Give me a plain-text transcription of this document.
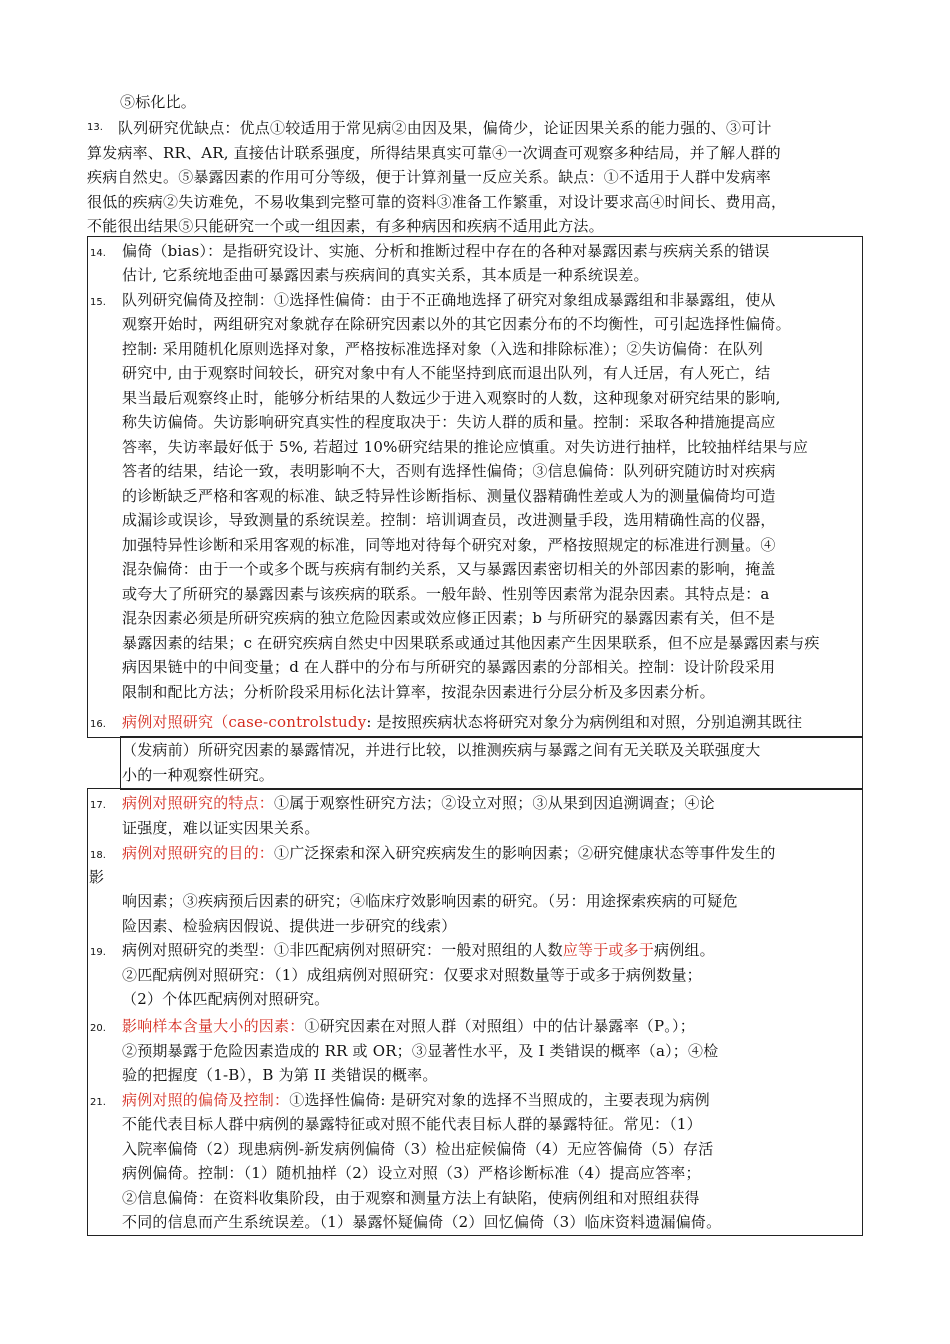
⑤标化比。
13. 队列研究优缺点：优点①较适用于常见病②由因及果，偏倚少，论证因果关系的能力强的、③可计
算发病率、RR、AR, 直接估计联系强度，所得结果真实可靠④一次调查可观察多种结局，并了解人群的
疾病自然史。⑤暴露因素的作用可分等级，便于计算剂量一反应关系。缺点：①不适用于人群中发病率
很低的疾病②失访难免，不易收集到完整可靠的资料③准备工作繁重，对设计要求高④时间长、费用高，
不能很出结果⑤只能研究一个或一组因素，有多种病因和疾病不适用此方法。
14. 偏倚（bias）：是指研究设计、实施、分析和推断过程中存在的各种对暴露因素与疾病关系的错误
估计, 它系统地歪曲可暴露因素与疾病间的真实关系，其本质是一种系统误差。
15. 队列研究偏倚及控制：①选择性偏倚：由于不正确地选择了研究对象组成暴露组和非暴露组，使从
观察开始时，两组研究对象就存在除研究因素以外的其它因素分布的不均衡性，可引起选择性偏倚。
控制: 采用随机化原则选择对象，严格按标准选择对象（入选和排除标准）；②失访偏倚：在队列
研究中, 由于观察时间较长，研究对象中有人不能坚持到底而退出队列，有人迁居，有人死亡，结
果当最后观察终止时，能够分析结果的人数远少于进入观察时的人数，这种现象对研究结果的影响,
称失访偏倚。失访影响研究真实性的程度取决于：失访人群的质和量。控制：采取各种措施提高应
答率，失访率最好低于 5%, 若超过 10%研究结果的推论应慎重。对失访进行抽样，比较抽样结果与应
答者的结果，结论一致，表明影响不大，否则有选择性偏倚；③信息偏倚：队列研究随访时对疾病
的诊断缺乏严格和客观的标准、缺乏特异性诊断指标、测量仪器精确性差或人为的测量偏倚均可造
成漏诊或误诊，导致测量的系统误差。控制：培训调查员，改进测量手段，选用精确性高的仪器，
加强特异性诊断和采用客观的标准，同等地对待每个研究对象，严格按照规定的标准进行测量。④
混杂偏倚：由于一个或多个既与疾病有制约关系，又与暴露因素密切相关的外部因素的影响，掩盖
或夸大了所研究的暴露因素与该疾病的联系。一般年龄、性别等因素常为混杂因素。其特点是：a
混杂因素必须是所研究疾病的独立危险因素或效应修正因素；b 与所研究的暴露因素有关，但不是
暴露因素的结果；c 在研究疾病自然史中因果联系或通过其他因素产生因果联系，但不应是暴露因素与疾
病因果链中的中间变量；d 在人群中的分布与所研究的暴露因素的分部相关。控制：设计阶段采用
限制和配比方法；分析阶段采用标化法计算率，按混杂因素进行分层分析及多因素分析。
16. 病例对照研究（case-controlstudy: 是按照疾病状态将研究对象分为病例组和对照，分别追溯其既往
（发病前）所研究因素的暴露情况，并进行比较，以推测疾病与暴露之间有无关联及关联强度大
小的一种观察性研究。
17. 病例对照研究的特点：①属于观察性研究方法；②设立对照；③从果到因追溯调查；④论
证强度，难以证实因果关系。
18. 病例对照研究的目的：①广泛探索和深入研究疾病发生的影响因素；②研究健康状态等事件发生的
影
响因素；③疾病预后因素的研究；④临床疗效影响因素的研究。（另：用途探索疾病的可疑危
险因素、检验病因假说、提供进一步研究的线索）
19. 病例对照研究的类型：①非匹配病例对照研究：一般对照组的人数应等于或多于病例组。
②匹配病例对照研究：（1）成组病例对照研究：仅要求对照数量等于或多于病例数量；
（2）个体匹配病例对照研究。
20. 影响样本含量大小的因素：①研究因素在对照人群（对照组）中的估计暴露率（P。）；
②预期暴露于危险因素造成的 RR 或 OR；③显著性水平，及 I 类错误的概率（a）；④检
验的把握度（1-B），B 为第 II 类错误的概率。
21. 病例对照的偏倚及控制：①选择性偏倚: 是研究对象的选择不当照成的，主要表现为病例
不能代表目标人群中病例的暴露特征或对照不能代表目标人群的暴露特征。常见：（1）
入院率偏倚（2）现患病例-新发病例偏倚（3）检出症候偏倚（4）无应答偏倚（5）存活
病例偏倚。控制：（1）随机抽样（2）设立对照（3）严格诊断标准（4）提高应答率；
②信息偏倚：在资料收集阶段，由于观察和测量方法上有缺陷，使病例组和对照组获得
不同的信息而产生系统误差。（1）暴露怀疑偏倚（2）回忆偏倚（3）临床资料遗漏偏倚。
